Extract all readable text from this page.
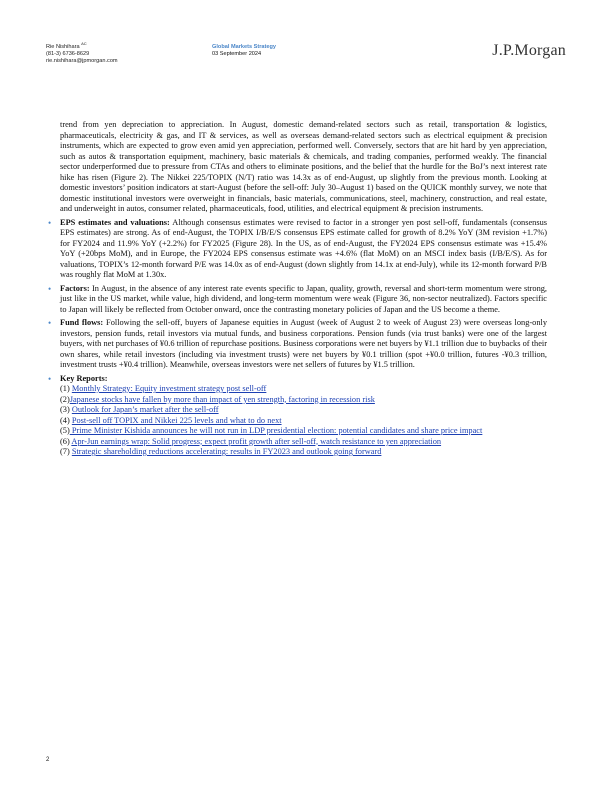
Rie Nishihara $^{AC}$
(81-3) 6736-8629
rie.nishihara@jpmorgan.com
Global Markets Strategy
03 September 2024	J.P.Morgan

trend from yen depreciation to appreciation. In August, domestic demand-related sectors such as retail, transportation & logistics, pharmaceuticals, electricity & gas, and IT & services, as well as overseas demand-related sectors such as electrical equipment & precision instruments, which are expected to grow even amid yen appreciation, performed well. Conversely, sectors that are hit hard by yen appreciation, such as autos & transportation equipment, machinery, basic materials & chemicals, and trading companies, performed weakly. The financial sector underperformed due to pressure from CTAs and others to eliminate positions, and the belief that the hurdle for the BoJ’s next interest rate hike has risen (Figure 2). The Nikkei 225/TOPIX (N/T) ratio was 14.3x as of end-August, up slightly from the previous month. Looking at domestic investors’ position indicators at start-August (before the sell-off: July 30–August 1) based on the QUICK monthly survey, we note that domestic institutional investors were overweight in financials, basic materials, communications, steel, machinery, construction, and real estate, and underweight in autos, consumer related, pharmaceuticals, food, utilities, and electrical equipment & precision instruments.

• EPS estimates and valuations: Although consensus estimates were revised to factor in a stronger yen post sell-off, fundamentals (consensus EPS estimates) are strong. As of end-August, the TOPIX I/B/E/S consensus EPS estimate called for growth of 8.2% YoY (3M revision +1.7%) for FY2024 and 11.9% YoY (+2.2%) for FY2025 (Figure 28). In the US, as of end-August, the FY2024 EPS consensus estimate was +15.4% YoY (+20bps MoM), and in Europe, the FY2024 EPS consensus estimate was +4.6% (flat MoM) on an MSCI index basis (I/B/E/S). As for valuations, TOPIX’s 12-month forward P/E was 14.0x as of end-August (down slightly from 14.1x at end-July), while its 12-month forward P/B was roughly flat MoM at 1.30x.
• Factors: In August, in the absence of any interest rate events specific to Japan, quality, growth, reversal and short-term momentum were strong, just like in the US market, while value, high dividend, and long-term momentum were weak (Figure 36, non-sector neutralized). Factors specific to Japan will likely be reflected from October onward, once the contrasting monetary policies of Japan and the US become a theme.
• Fund flows: Following the sell-off, buyers of Japanese equities in August (week of August 2 to week of August 23) were overseas long-only investors, pension funds, retail investors via mutual funds, and business corporations. Pension funds (via trust banks) were one of the largest buyers, with net purchases of ¥0.6 trillion of repurchase positions. Business corporations were net buyers by ¥1.1 trillion due to buybacks of their own shares, while retail investors (including via investment trusts) were net buyers by ¥0.1 trillion (spot +¥0.0 trillion, futures -¥0.3 trillion, investment trusts +¥0.4 trillion). Meanwhile, overseas investors were net sellers of futures by ¥1.5 trillion.
• Key Reports:
(1) Monthly Strategy: Equity investment strategy post sell-off
(2)Japanese stocks have fallen by more than impact of yen strength, factoring in recession risk
(3) Outlook for Japan’s market after the sell-off
(4) Post-sell off TOPIX and Nikkei 225 levels and what to do next
(5) Prime Minister Kishida announces he will not run in LDP presidential election: potential candidates and share price impact
(6) Apr-Jun earnings wrap: Solid progress; expect profit growth after sell-off, watch resistance to yen appreciation
(7) Strategic shareholding reductions accelerating: results in FY2023 and outlook going forward
2
